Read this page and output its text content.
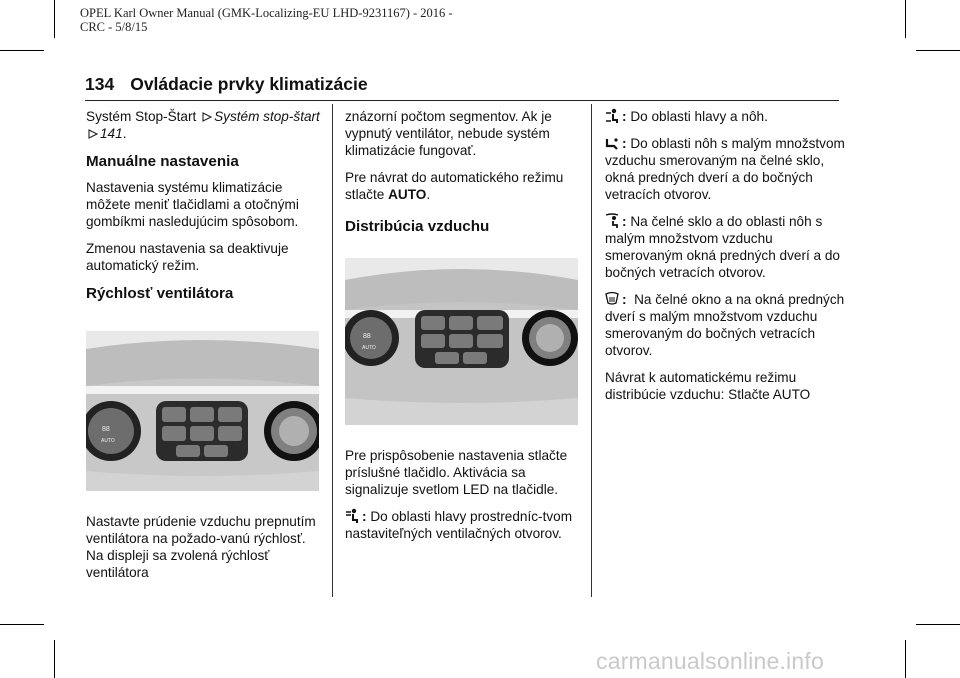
OPEL Karl Owner Manual (GMK-Localizing-EU LHD-9231167) - 2016 -
CRC - 5/8/15
134 Ovládacie prvky klimatizácie

Systém Stop-Štart Systém stop-štart 141.

Manuálne nastavenia

Nastavenia systému klimatizácie môžete meniť tlačidlami a otočnými gombíkmi nasledujúcim spôsobom.

Zmenou nastavenia sa deaktivuje automatický režim.

Rýchlosť ventilátora
88
AUTO

Nastavte prúdenie vzduchu prepnutím ventilátora na požado-vanú rýchlosť. Na displeji sa zvolená rýchlosť ventilátora

znázorní počtom segmentov. Ak je vypnutý ventilátor, nebude systém klimatizácie fungovať.

Pre návrat do automatického režimu stlačte AUTO.

Distribúcia vzduchu
88
AUTO

Pre prispôsobenie nastavenia stlačte príslušné tlačidlo. Aktivácia sa signalizuje svetlom LED na tlačidle.

: Do oblasti hlavy prostredníc-tvom nastaviteľných ventilačných otvorov.

: Do oblasti hlavy a nôh.

: Do oblasti nôh s malým množstvom vzduchu smerovaným na čelné sklo, okná predných dverí a do bočných vetracích otvorov.

: Na čelné sklo a do oblasti nôh s malým množstvom vzduchu smerovaným okná predných dverí a do bočných vetracích otvorov.

: Na čelné okno a na okná predných dverí s malým množstvom vzduchu smerovaným do bočných vetracích otvorov.

Návrat k automatickému režimu distribúcie vzduchu: Stlačte AUTO

carmanualsonline.info
